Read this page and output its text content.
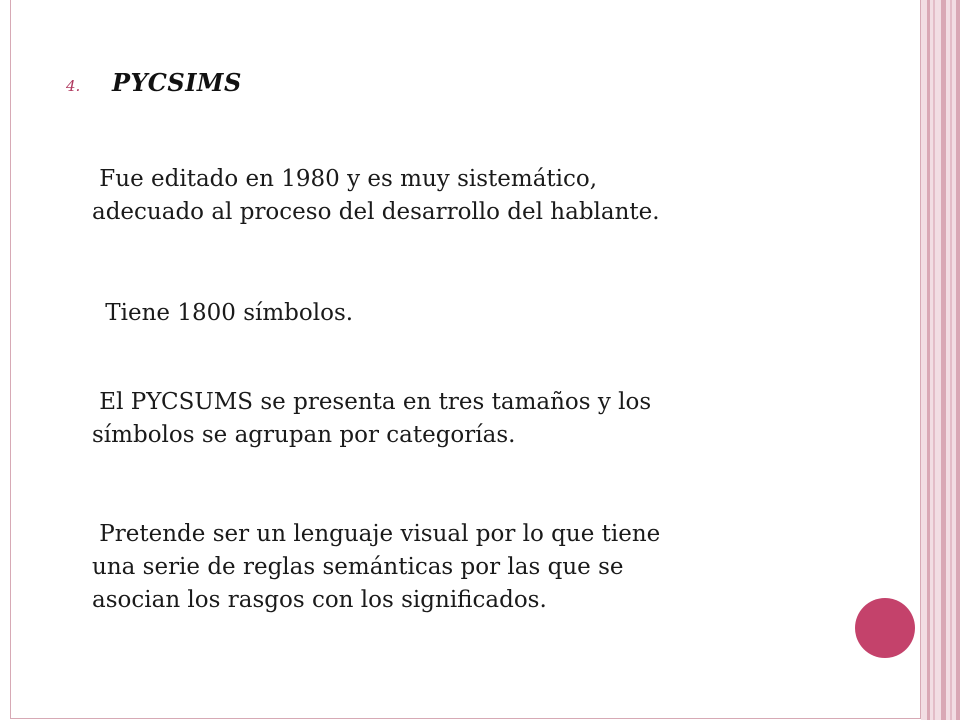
4.	PYCSIMS
Fue editado en 1980 y es muy sistemático,
adecuado al proceso del desarrollo del hablante.
Tiene 1800 símbolos.
El PYCSUMS se presenta en tres tamaños y los
símbolos se agrupan por categorías.
Pretende ser un lenguaje visual por lo que tiene
una serie de reglas semánticas por las que se
asocian los rasgos con los significados.
